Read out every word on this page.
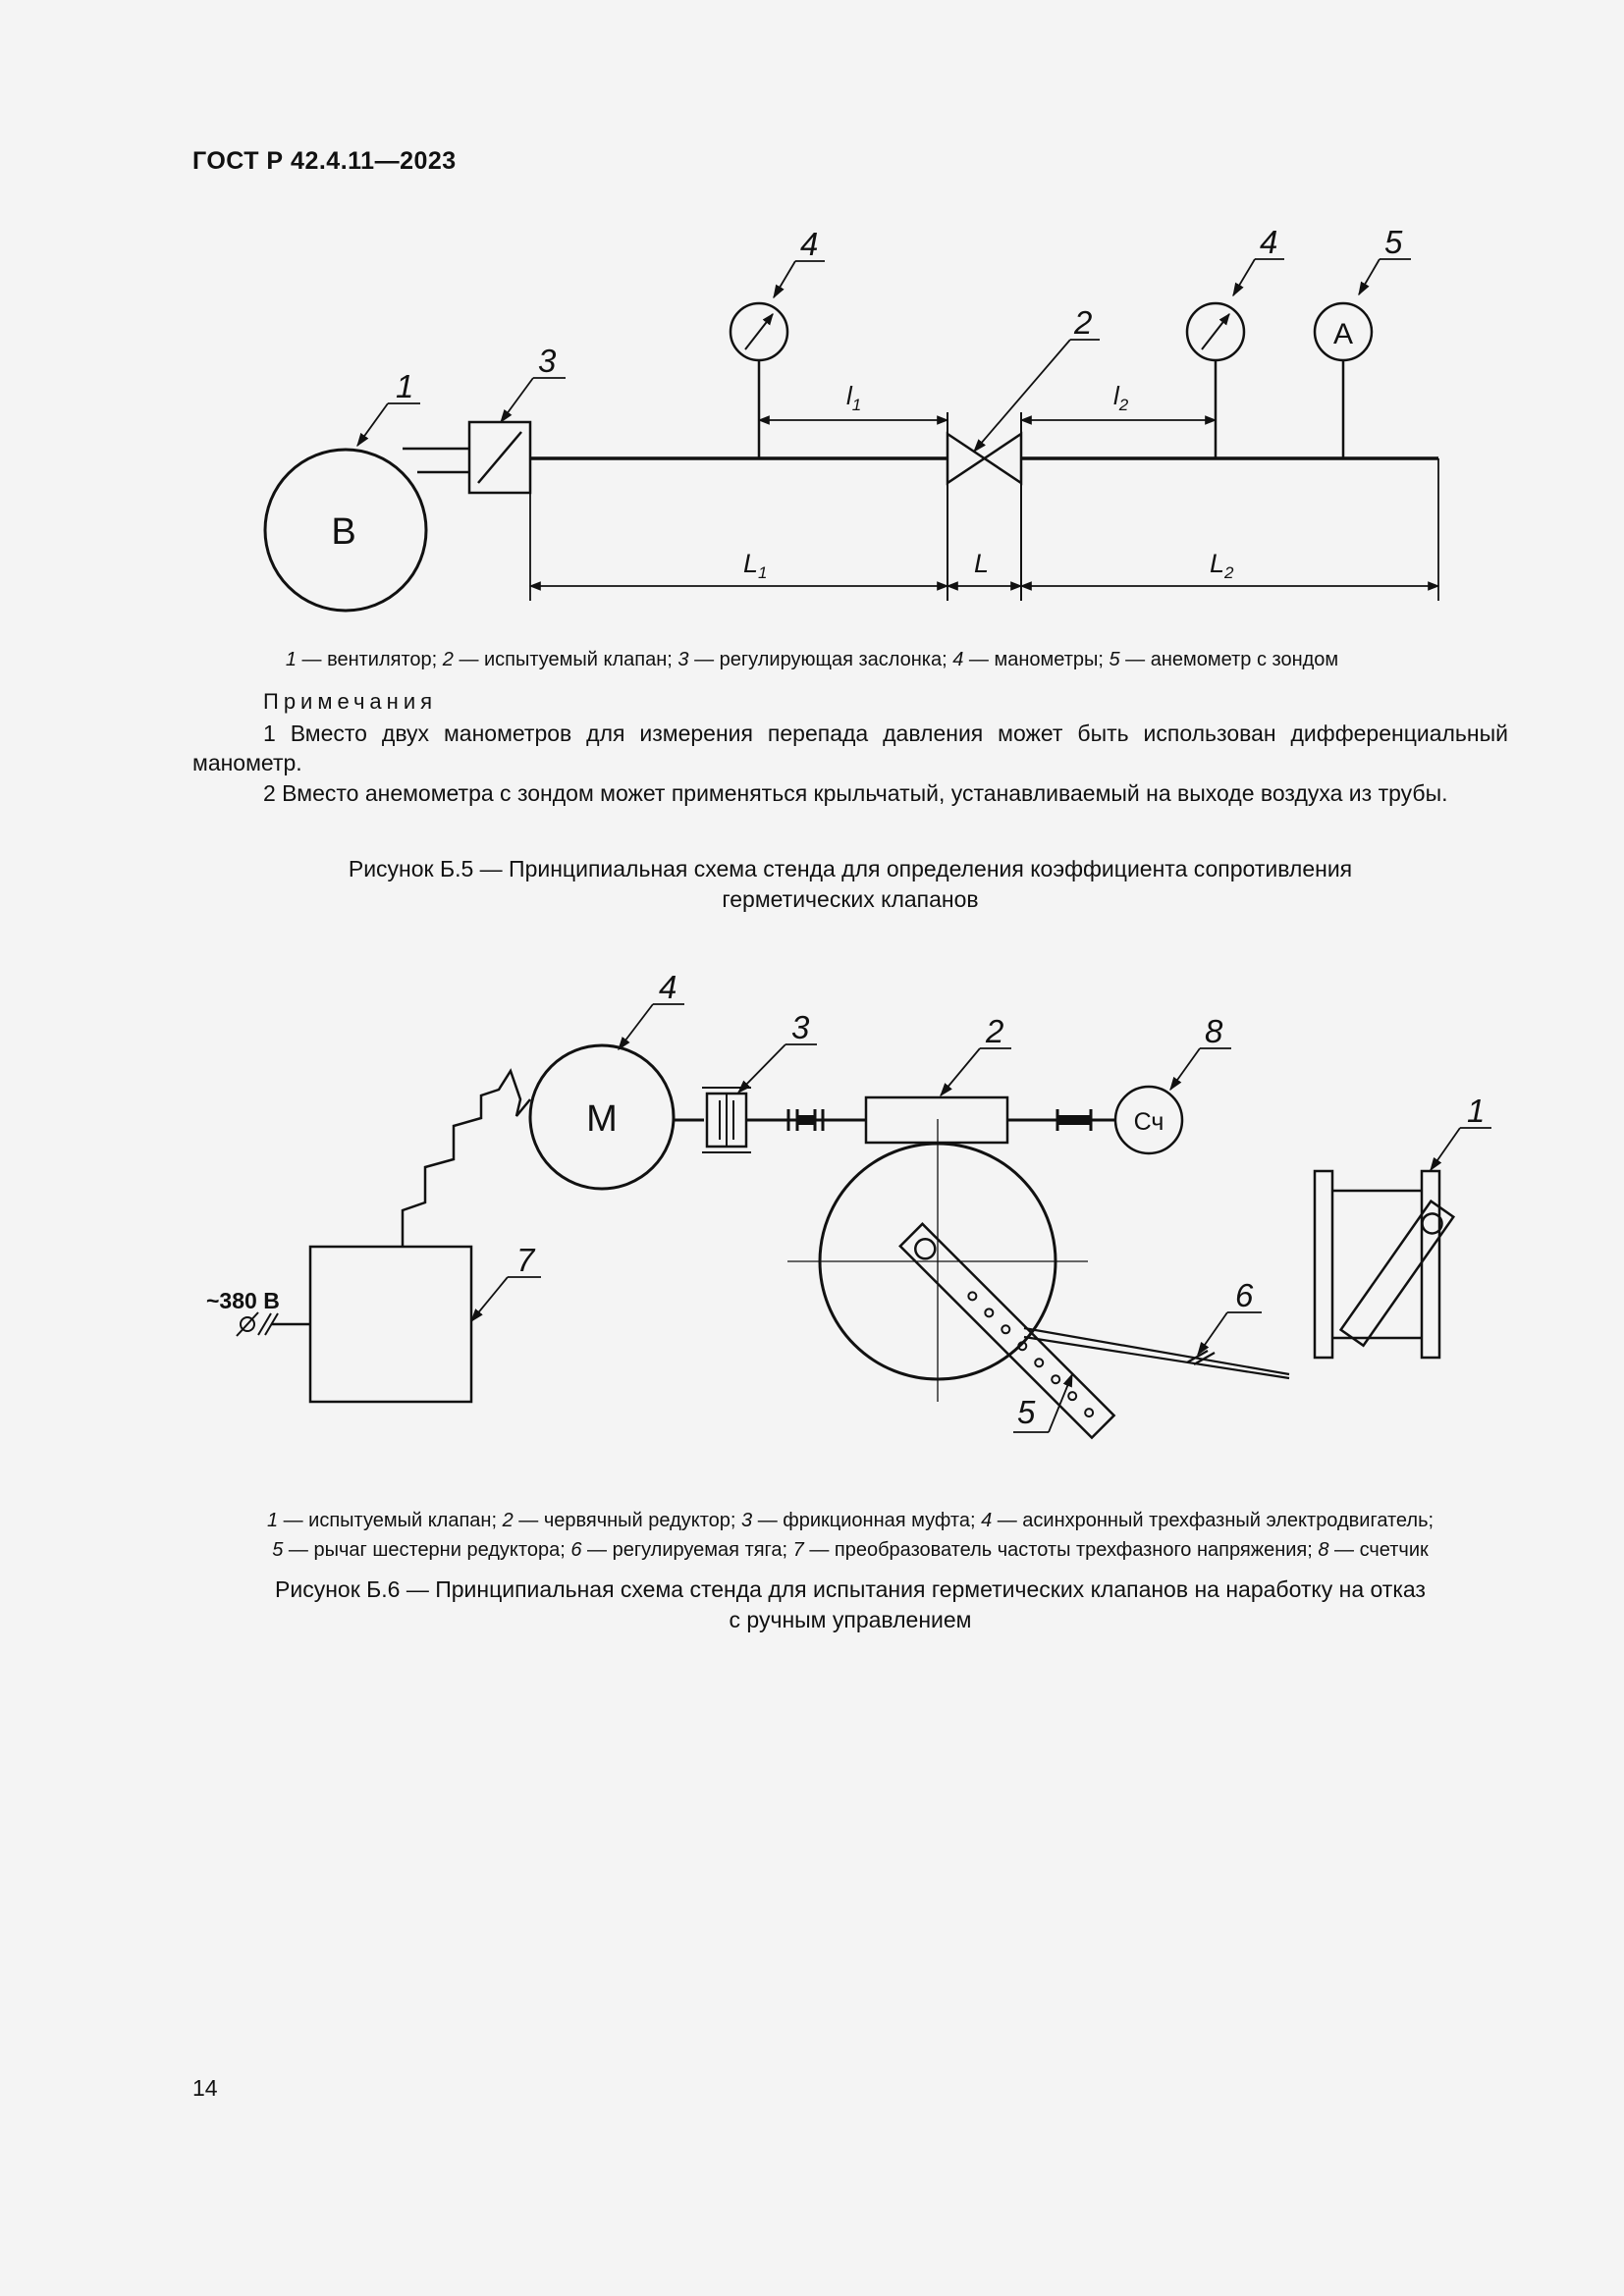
ГОСТ Р 42.4.11—2023
В
А
$l_1$	$l_2$
$L_1$	L	$L_2$
1
3
4
2
4	5
1 — вентилятор; 2 — испытуемый клапан; 3 — регулирующая заслонка; 4 — манометры; 5 — анемометр с зондом
Примечания
1 Вместо двух манометров для измерения перепада давления может быть использован дифференциальный манометр.
2 Вместо анемометра с зондом может применяться крыльчатый, устанавливаемый на выходе воздуха из трубы.
Рисунок Б.5 — Принципиальная схема стенда для определения коэффициента сопротивления
герметических клапанов
М	Сч
~380 В
4
3	2	8
1
7
6
5
1 — испытуемый клапан; 2 — червячный редуктор; 3 — фрикционная муфта; 4 — асинхронный трехфазный электродвигатель;
5 — рычаг шестерни редуктора; 6 — регулируемая тяга; 7 — преобразователь частоты трехфазного напряжения; 8 — счетчик
Рисунок Б.6 — Принципиальная схема стенда для испытания герметических клапанов на наработку на отказ
с ручным управлением
14
